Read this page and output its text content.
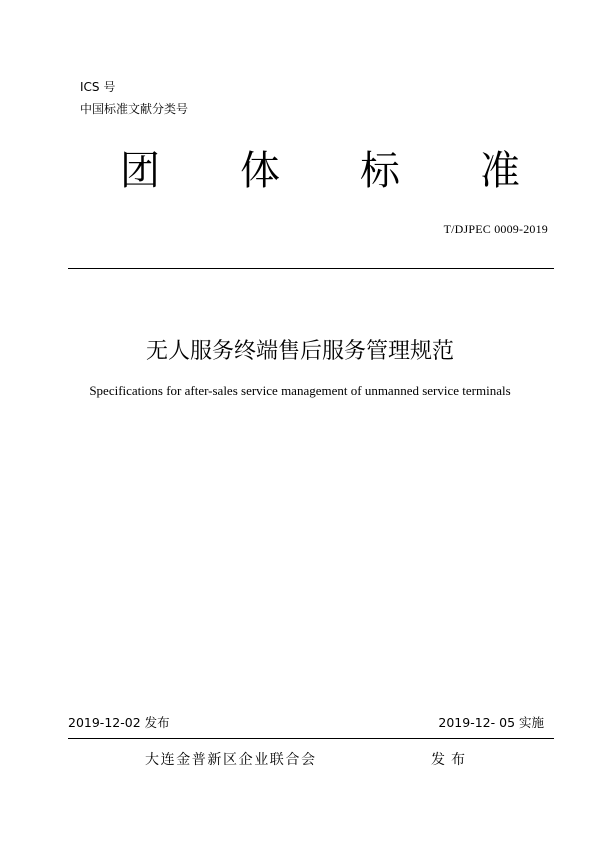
ICS 号
中国标准文献分类号
团 体 标 准
T/DJPEC 0009-2019
无人服务终端售后服务管理规范
Specifications for after-sales service management of unmanned service terminals
2019-12-02 发布	2019-12- 05 实施
大连金普新区企业联合会	发布
